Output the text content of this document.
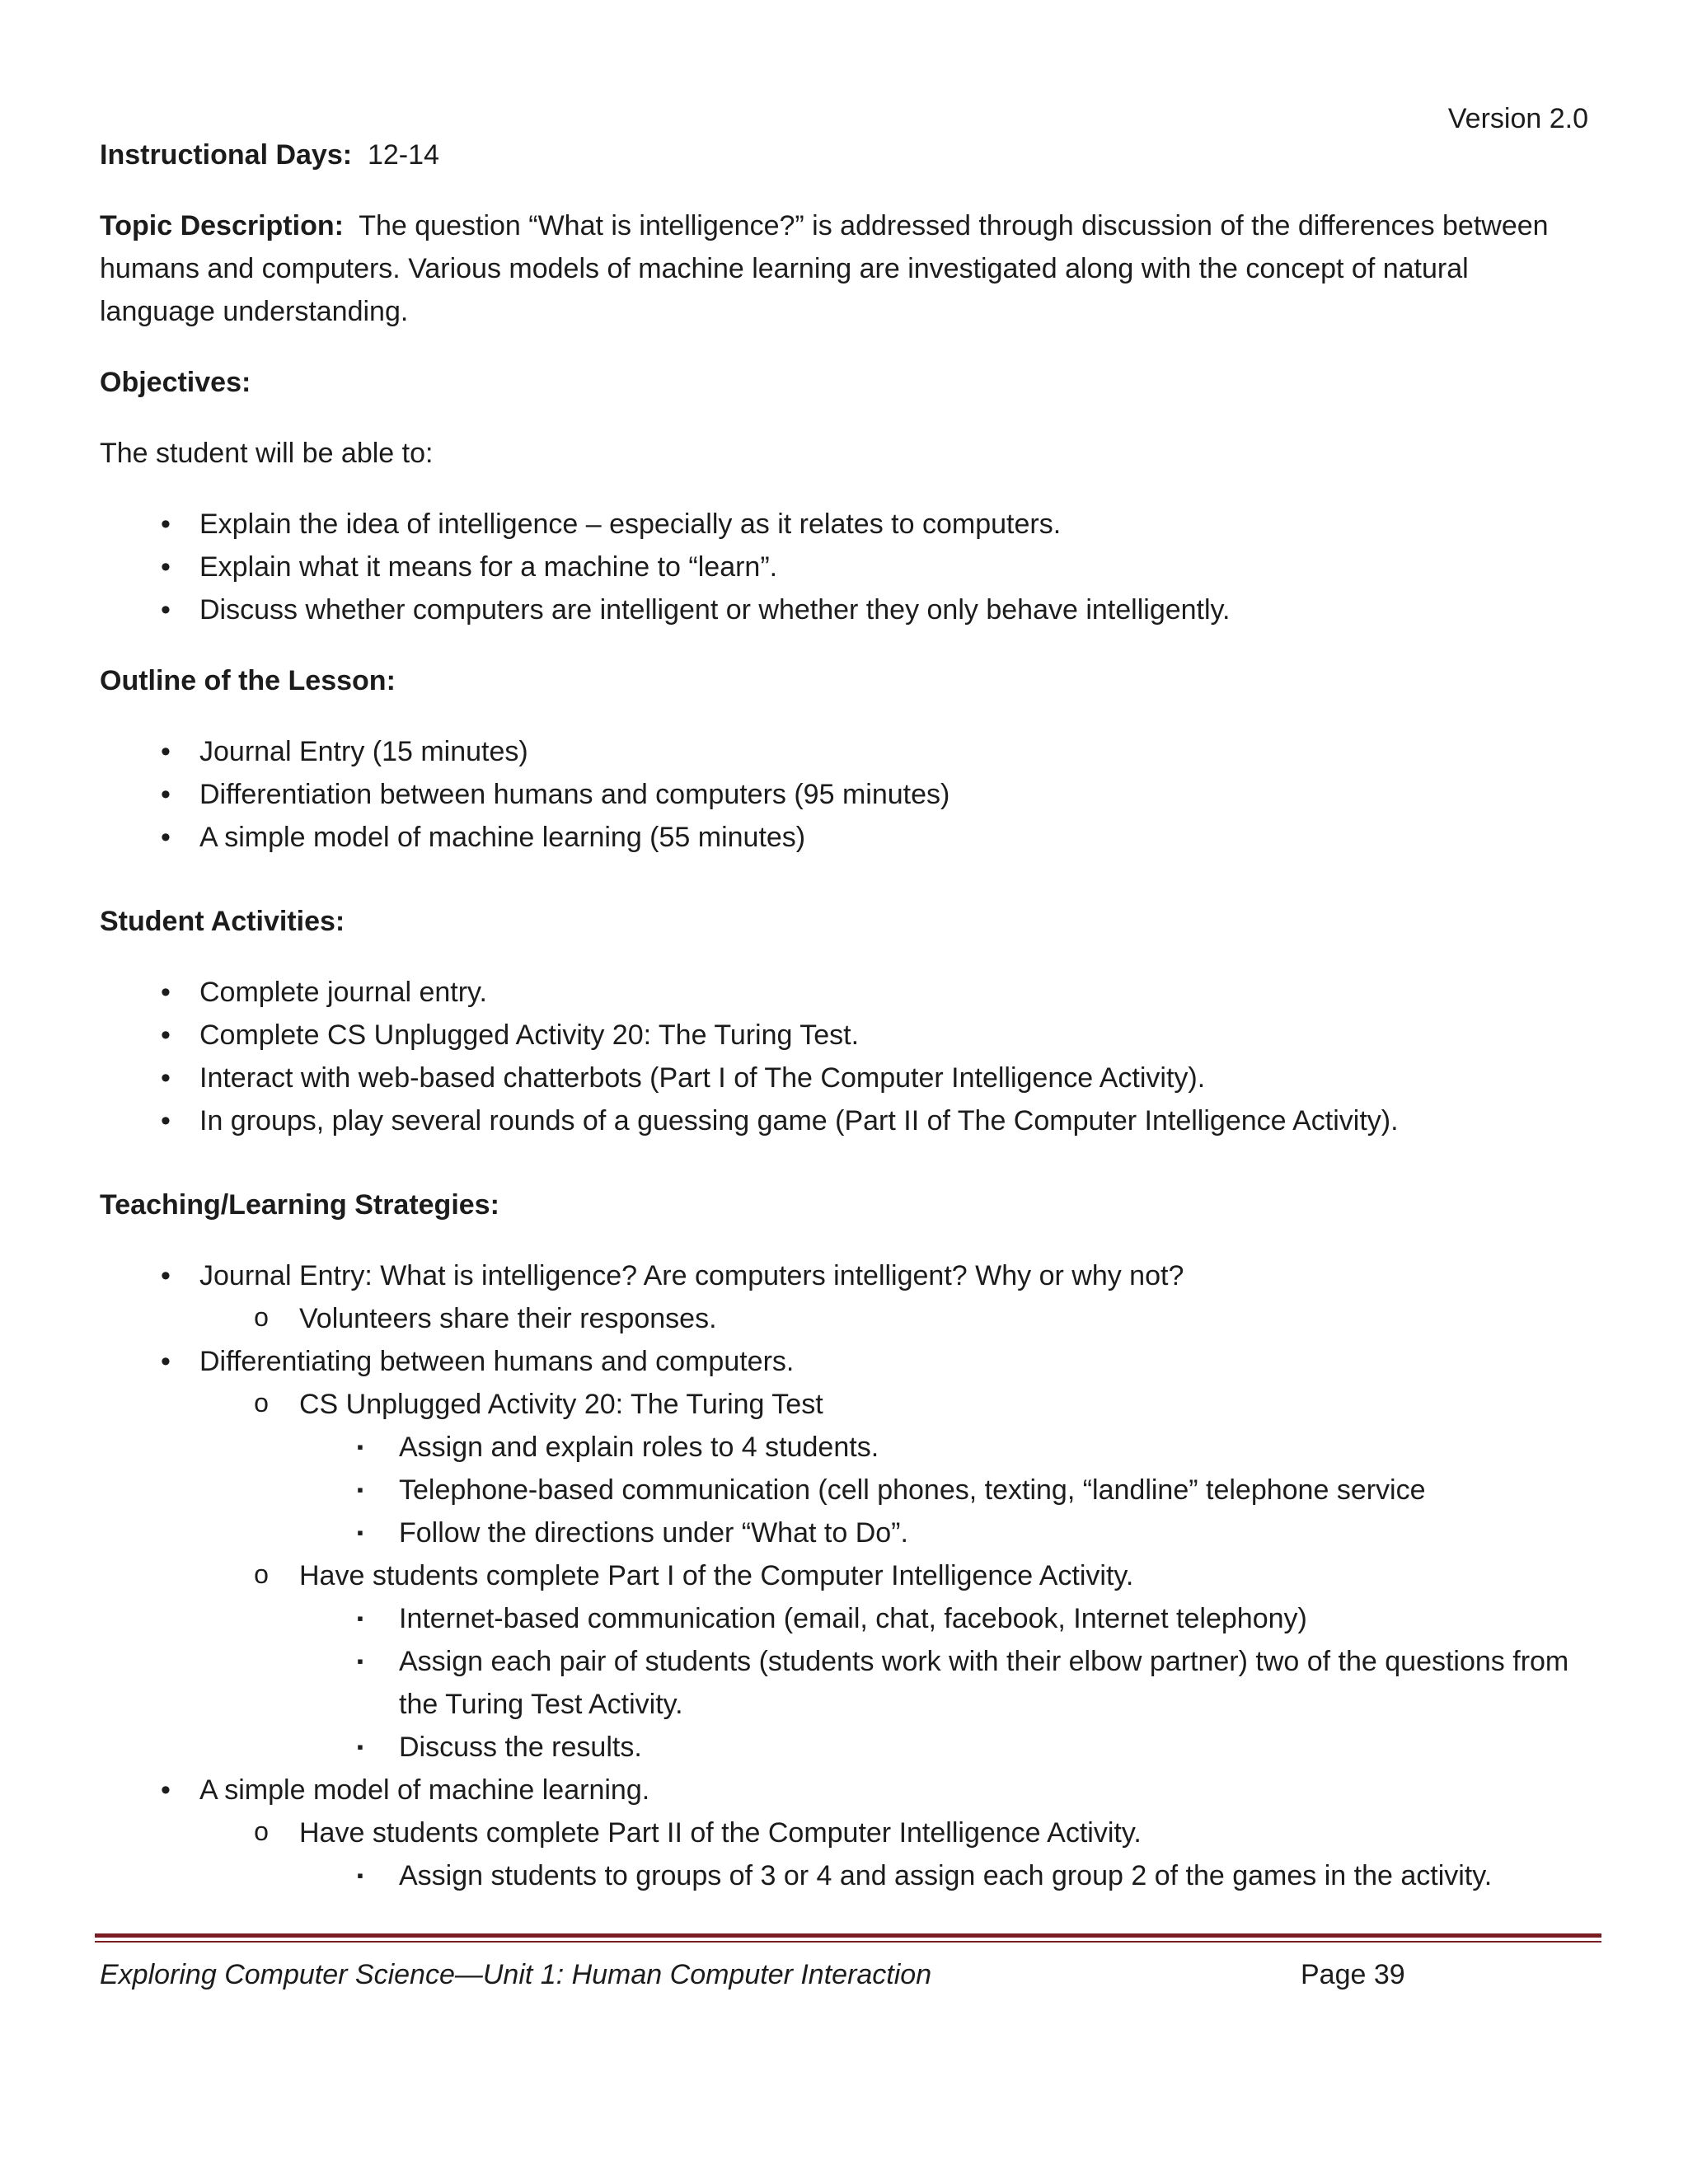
Version 2.0

Instructional Days: 12-14

Topic Description: The question “What is intelligence?” is addressed through discussion of the differences between humans and computers. Various models of machine learning are investigated along with the concept of natural language understanding.

Objectives:

The student will be able to:

•	Explain the idea of intelligence – especially as it relates to computers.
•	Explain what it means for a machine to “learn”.
•	Discuss whether computers are intelligent or whether they only behave intelligently.

Outline of the Lesson:

•	Journal Entry (15 minutes)
•	Differentiation between humans and computers (95 minutes)
•	A simple model of machine learning (55 minutes)

Student Activities:

•	Complete journal entry.
•	Complete CS Unplugged Activity 20: The Turing Test.
•	Interact with web-based chatterbots (Part I of The Computer Intelligence Activity).
•	In groups, play several rounds of a guessing game (Part II of The Computer Intelligence Activity).

Teaching/Learning Strategies:

•	Journal Entry: What is intelligence? Are computers intelligent? Why or why not?
o	Volunteers share their responses.
•	Differentiating between humans and computers.
o	CS Unplugged Activity 20: The Turing Test
▪	Assign and explain roles to 4 students.
▪	Telephone-based communication (cell phones, texting, “landline” telephone service
▪	Follow the directions under “What to Do”.
o	Have students complete Part I of the Computer Intelligence Activity.
▪	Internet-based communication (email, chat, facebook, Internet telephony)
▪	Assign each pair of students (students work with their elbow partner) two of the questions from the Turing Test Activity.
▪	Discuss the results.
•	A simple model of machine learning.
o	Have students complete Part II of the Computer Intelligence Activity.
▪	Assign students to groups of 3 or 4 and assign each group 2 of the games in the activity.
Exploring Computer Science—Unit 1: Human Computer Interaction	Page 39
